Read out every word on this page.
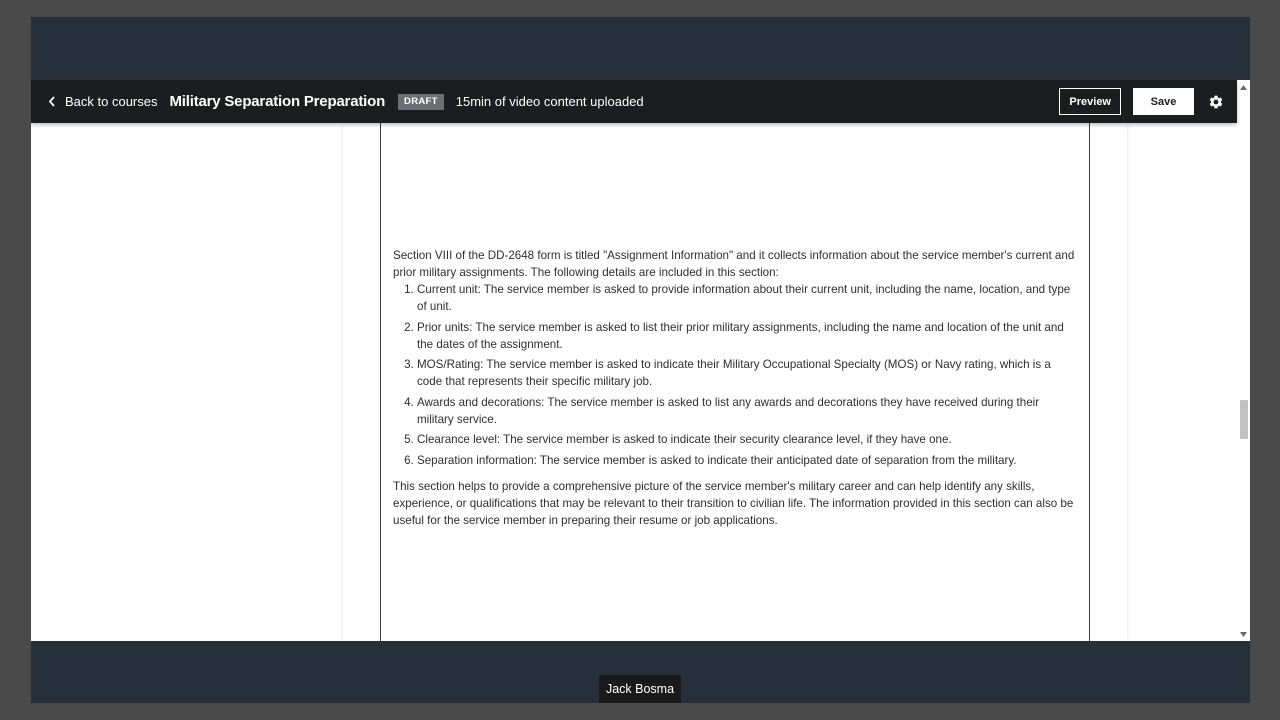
Back to courses Military Separation Preparation	DRAFT	15min of video content uploaded	Preview	Save

Section VIII of the DD-2648 form is titled "Assignment Information" and it collects information about the service member's current and prior military assignments. The following details are included in this section:

1. Current unit: The service member is asked to provide information about their current unit, including the name, location, and type of unit.
2. Prior units: The service member is asked to list their prior military assignments, including the name and location of the unit and the dates of the assignment.
3. MOS/Rating: The service member is asked to indicate their Military Occupational Specialty (MOS) or Navy rating, which is a code that represents their specific military job.
4. Awards and decorations: The service member is asked to list any awards and decorations they have received during their military service.
5. Clearance level: The service member is asked to indicate their security clearance level, if they have one.
6. Separation information: The service member is asked to indicate their anticipated date of separation from the military.

This section helps to provide a comprehensive picture of the service member's military career and can help identify any skills, experience, or qualifications that may be relevant to their transition to civilian life. The information provided in this section can also be useful for the service member in preparing their resume or job applications.

Jack Bosma
